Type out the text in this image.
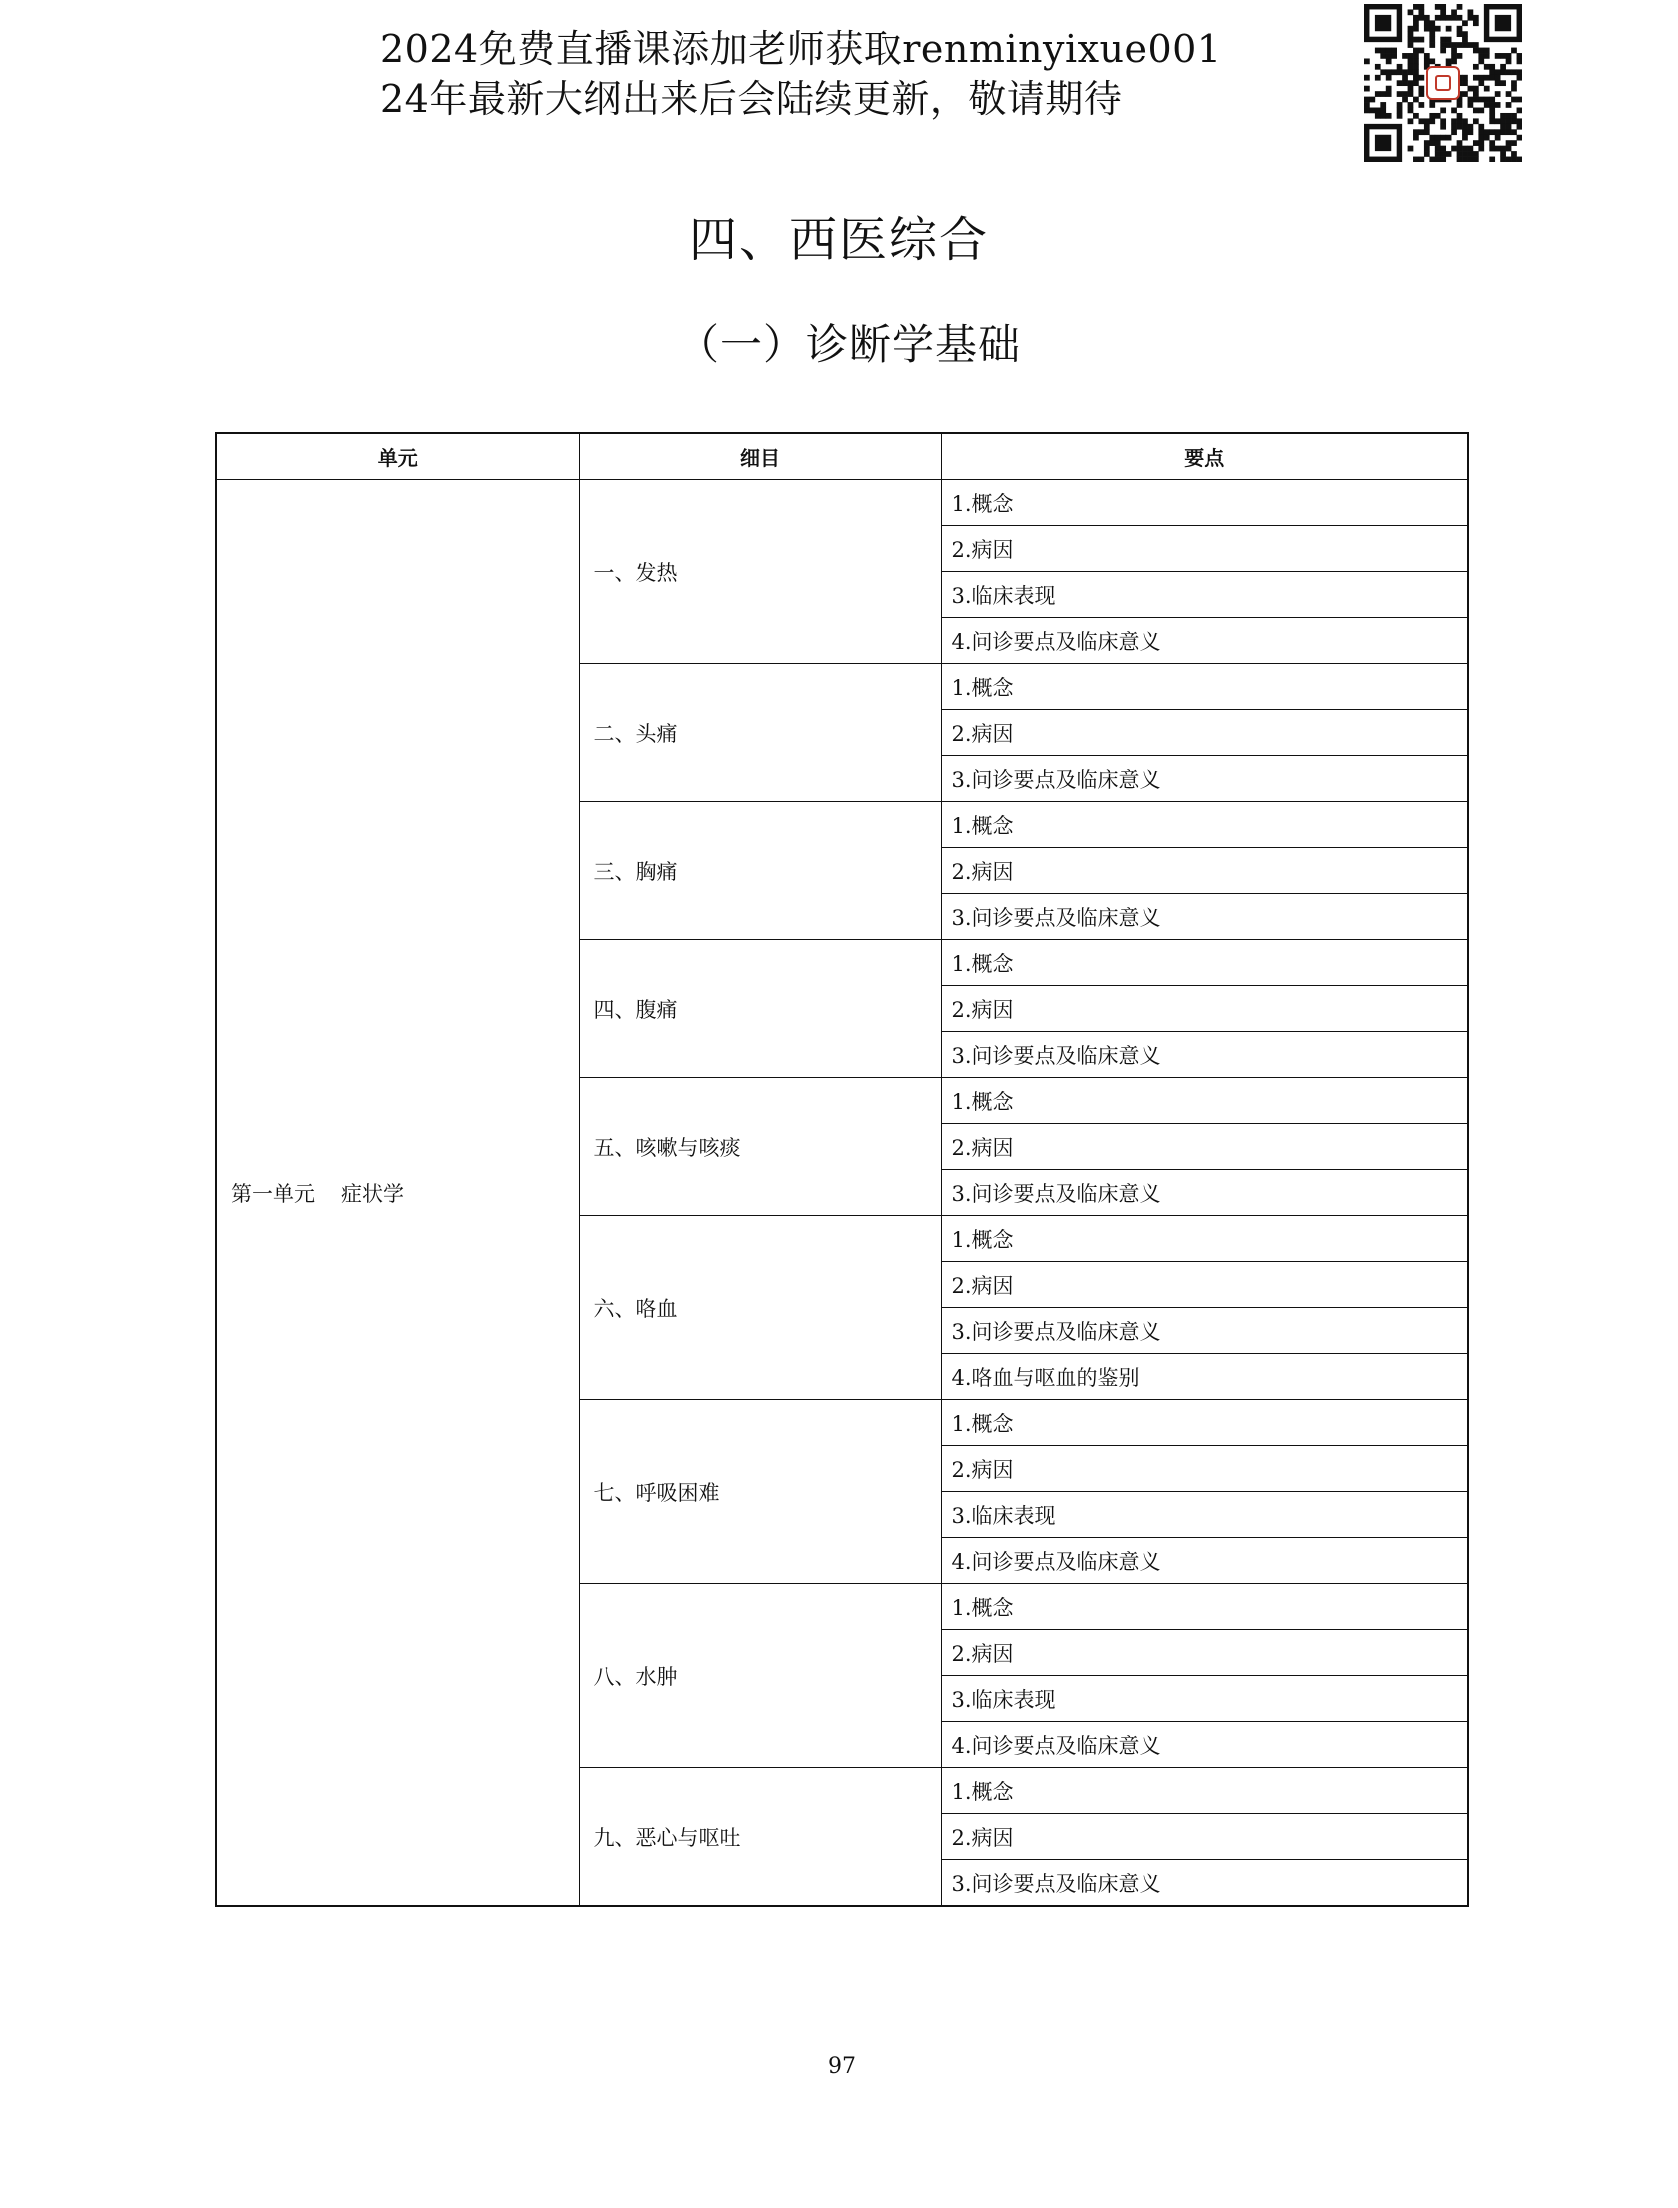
2024免费直播课添加老师获取renminyixue001
24年最新大纲出来后会陆续更新，敬请期待
四、西医综合
（一）诊断学基础
单元	细目	要点
第一单元 症状学	一、发热	1.概念
		2.病因
		3.临床表现
		4.问诊要点及临床意义
	二、头痛	1.概念
		2.病因
		3.问诊要点及临床意义
	三、胸痛	1.概念
		2.病因
		3.问诊要点及临床意义
	四、腹痛	1.概念
		2.病因
		3.问诊要点及临床意义
	五、咳嗽与咳痰	1.概念
		2.病因
		3.问诊要点及临床意义
	六、咯血	1.概念
		2.病因
		3.问诊要点及临床意义
		4.咯血与呕血的鉴别
	七、呼吸困难	1.概念
		2.病因
		3.临床表现
		4.问诊要点及临床意义
	八、水肿	1.概念
		2.病因
		3.临床表现
		4.问诊要点及临床意义
	九、恶心与呕吐	1.概念
		2.病因
		3.问诊要点及临床意义
97
